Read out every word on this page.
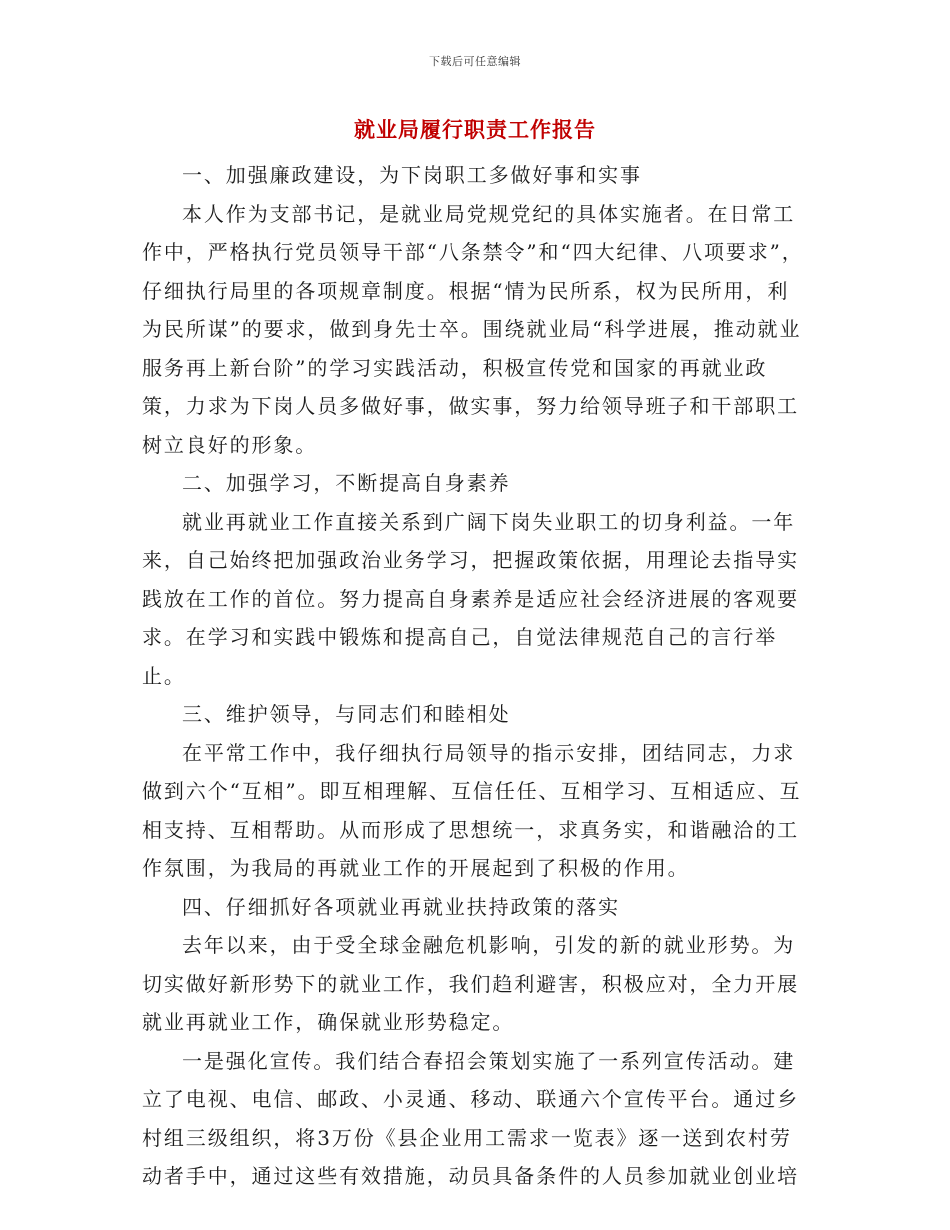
下载后可任意编辑
就业局履行职责工作报告

一、加强廉政建设，为下岗职工多做好事和实事

本人作为支部书记，是就业局党规党纪的具体实施者。在日常工作中，严格执行党员领导干部“八条禁令”和“四大纪律、八项要求”，仔细执行局里的各项规章制度。根据“情为民所系，权为民所用，利为民所谋”的要求，做到身先士卒。围绕就业局“科学进展，推动就业服务再上新台阶”的学习实践活动，积极宣传党和国家的再就业政策，力求为下岗人员多做好事，做实事，努力给领导班子和干部职工树立良好的形象。

二、加强学习，不断提高自身素养

就业再就业工作直接关系到广阔下岗失业职工的切身利益。一年来，自己始终把加强政治业务学习，把握政策依据，用理论去指导实践放在工作的首位。努力提高自身素养是适应社会经济进展的客观要求。在学习和实践中锻炼和提高自己，自觉法律规范自己的言行举止。

三、维护领导，与同志们和睦相处

在平常工作中，我仔细执行局领导的指示安排，团结同志，力求做到六个“互相”。即互相理解、互信任任、互相学习、互相适应、互相支持、互相帮助。从而形成了思想统一，求真务实，和谐融洽的工作氛围，为我局的再就业工作的开展起到了积极的作用。

四、仔细抓好各项就业再就业扶持政策的落实

去年以来，由于受全球金融危机影响，引发的新的就业形势。为切实做好新形势下的就业工作，我们趋利避害，积极应对，全力开展就业再就业工作，确保就业形势稳定。

一是强化宣传。我们结合春招会策划实施了一系列宣传活动。建立了电视、电信、邮政、小灵通、移动、联通六个宣传平台。通过乡村组三级组织，将3万份《县企业用工需求一览表》逐一送到农村劳动者手中，通过这些有效措施，动员具备条件的人员参加就业创业培
